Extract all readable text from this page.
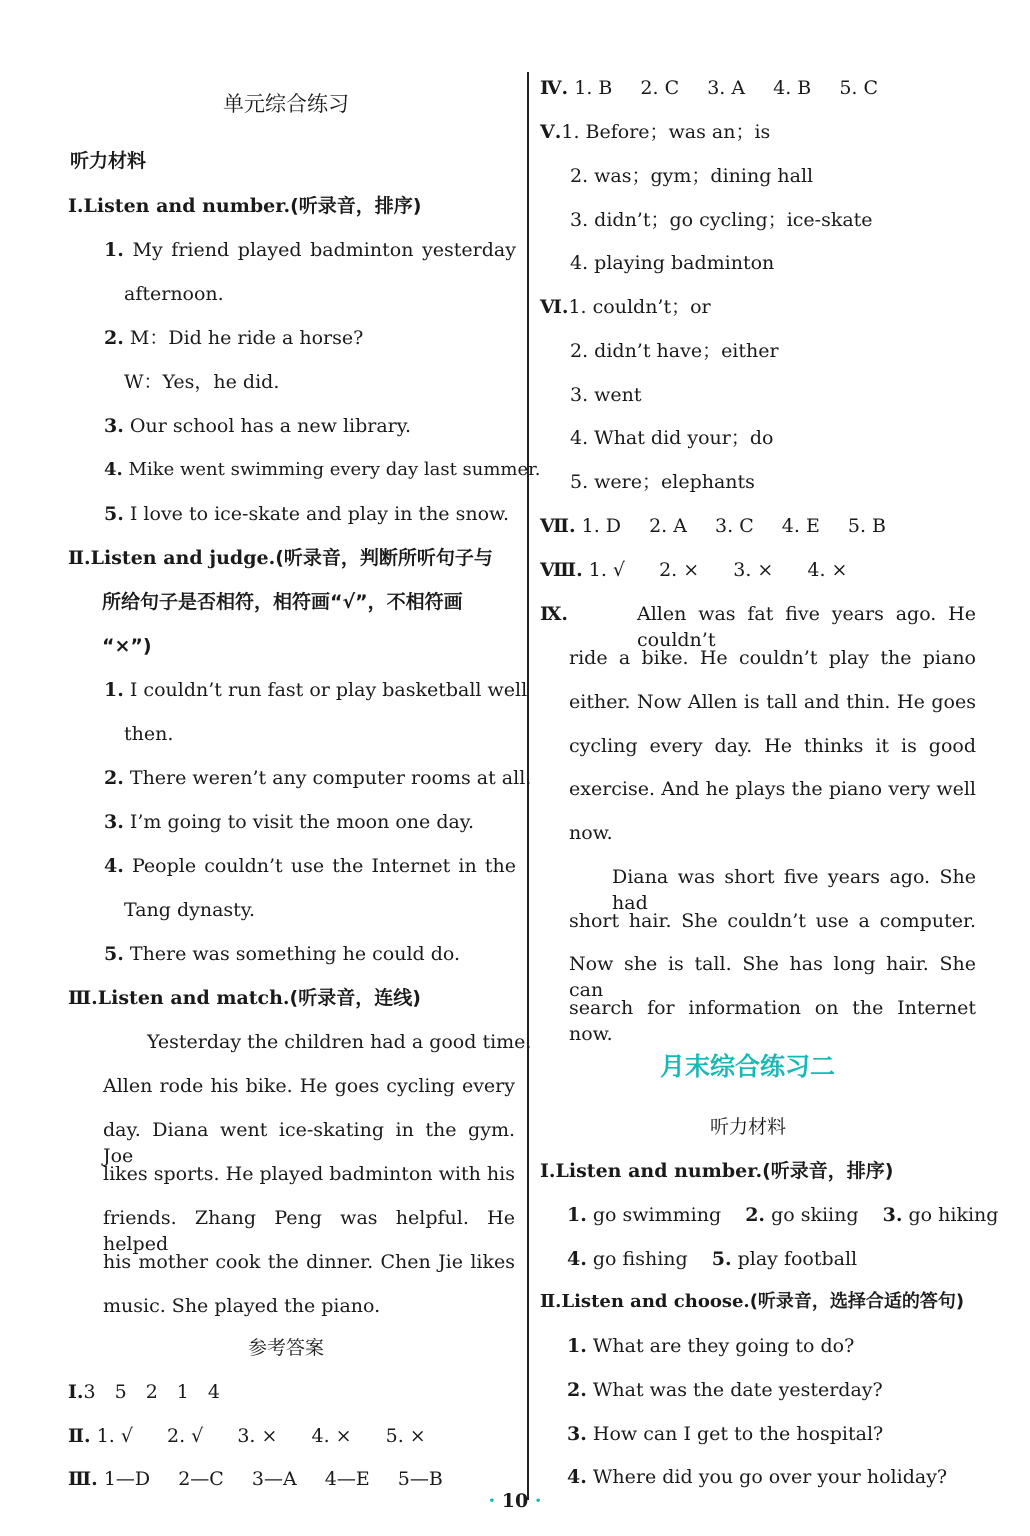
单元综合练习
听力材料
Ⅰ.Listen and number.(听录音，排序)
1. My friend played badminton yesterday
afternoon.
2. M：Did he ride a horse?
W：Yes，he did.
3. Our school has a new library.
4. Mike went swimming every day last summer.
5. I love to ice-skate and play in the snow.
Ⅱ.Listen and judge.(听录音，判断所听句子与
所给句子是否相符，相符画“√”，不相符画
“×”)
1. I couldn’t run fast or play basketball well
then.
2. There weren’t any computer rooms at all.
3. I’m going to visit the moon one day.
4. People couldn’t use the Internet in the
Tang dynasty.
5. There was something he could do.
Ⅲ.Listen and match.(听录音，连线)
Yesterday the children had a good time.
Allen rode his bike. He goes cycling every
day. Diana went ice-skating in the gym. Joe
likes sports. He played badminton with his
friends. Zhang Peng was helpful. He helped
his mother cook the dinner. Chen Jie likes
music. She played the piano.
参考答案
Ⅰ.3　5　2　1　4
Ⅱ. 1. √ 2. √ 3. × 4. × 5. ×
Ⅲ. 1—D 2—C 3—A 4—E 5—B
Ⅳ. 1. B 2. C 3. A 4. B 5. C
Ⅴ.1. Before；was an；is
2. was；gym；dining hall
3. didn’t；go cycling；ice-skate
4. playing badminton
Ⅵ.1. couldn’t；or
2. didn’t have；either
3. went
4. What did your；do
5. were；elephants
Ⅶ. 1. D 2. A 3. C 4. E 5. B
Ⅷ. 1. √ 2. × 3. × 4. ×
Ⅸ.	Allen was fat five years ago. He couldn’t
ride a bike. He couldn’t play the piano
either. Now Allen is tall and thin. He goes
cycling every day. He thinks it is good
exercise. And he plays the piano very well
now.
Diana was short five years ago. She had
short hair. She couldn’t use a computer.
Now she is tall. She has long hair. She can
search for information on the Internet now.
月末综合练习二
听力材料
Ⅰ.Listen and number.(听录音，排序)
1. go swimming 2. go skiing 3. go hiking
4. go fishing 5. play football
Ⅱ.Listen and choose.(听录音，选择合适的答句)
1. What are they going to do?
2. What was the date yesterday?
3. How can I get to the hospital?
4. Where did you go over your holiday?
· 10 ·
